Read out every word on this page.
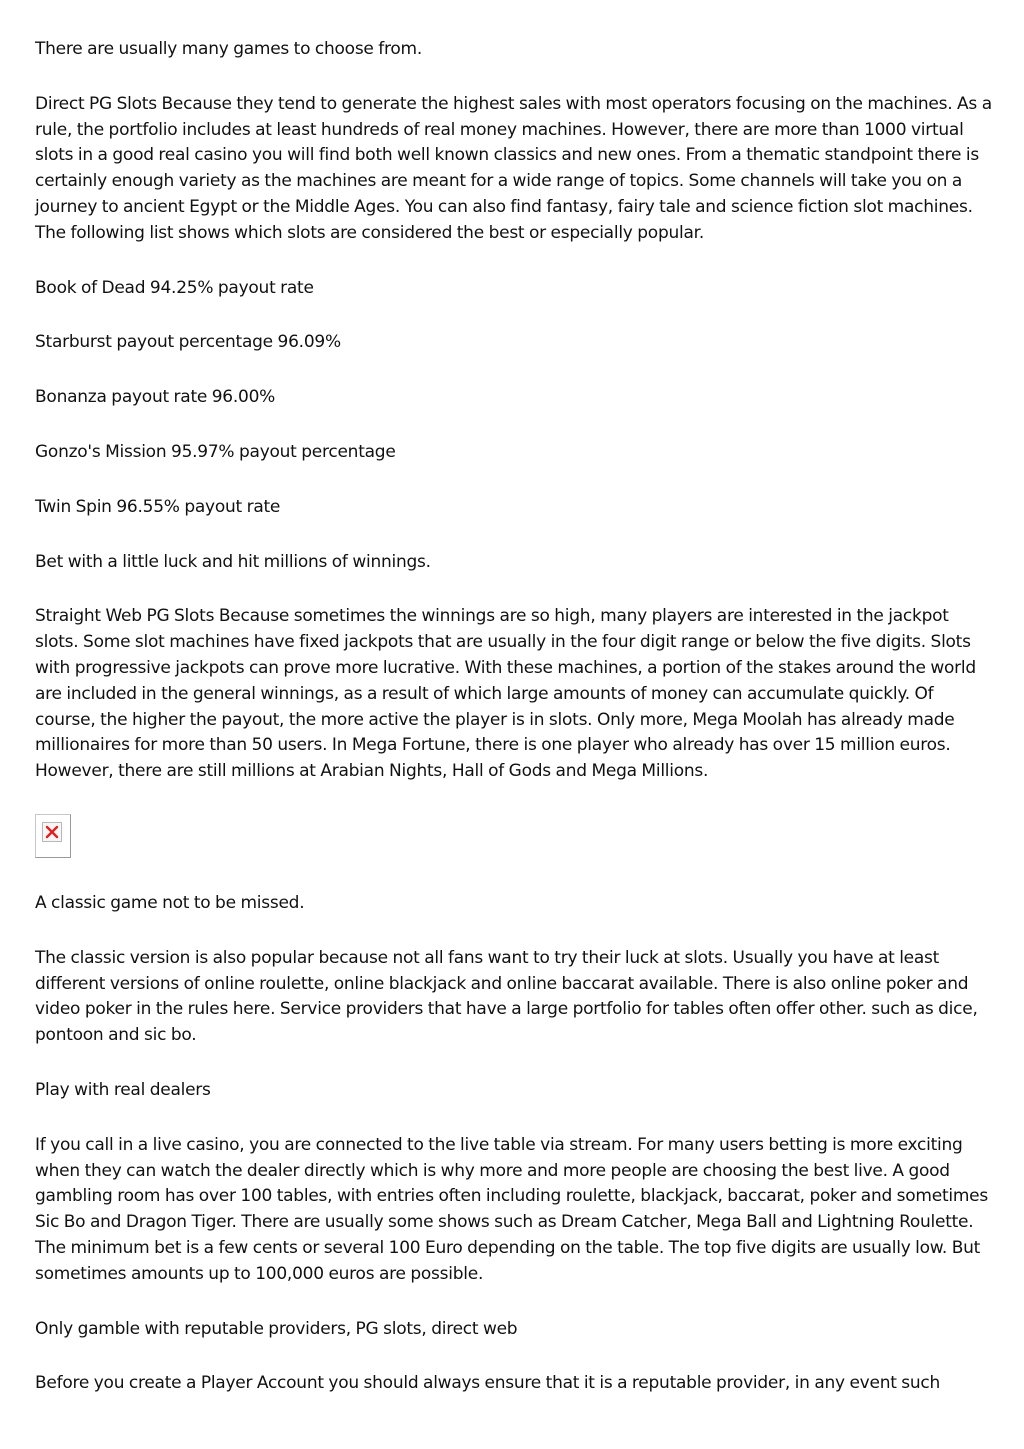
There are usually many games to choose from.

Direct PG Slots Because they tend to generate the highest sales with most operators focusing on the machines. As a rule, the portfolio includes at least hundreds of real money machines. However, there are more than 1000 virtual slots in a good real casino you will find both well known classics and new ones. From a thematic standpoint there is certainly enough variety as the machines are meant for a wide range of topics. Some channels will take you on a journey to ancient Egypt or the Middle Ages. You can also find fantasy, fairy tale and science fiction slot machines. The following list shows which slots are considered the best or especially popular.

Book of Dead 94.25% payout rate

Starburst payout percentage 96.09%

Bonanza payout rate 96.00%

Gonzo's Mission 95.97% payout percentage

Twin Spin 96.55% payout rate

Bet with a little luck and hit millions of winnings.

Straight Web PG Slots Because sometimes the winnings are so high, many players are interested in the jackpot slots. Some slot machines have fixed jackpots that are usually in the four digit range or below the five digits. Slots with progressive jackpots can prove more lucrative. With these machines, a portion of the stakes around the world are included in the general winnings, as a result of which large amounts of money can accumulate quickly. Of course, the higher the payout, the more active the player is in slots. Only more, Mega Moolah has already made millionaires for more than 50 users. In Mega Fortune, there is one player who already has over 15 million euros. However, there are still millions at Arabian Nights, Hall of Gods and Mega Millions.

A classic game not to be missed.

The classic version is also popular because not all fans want to try their luck at slots. Usually you have at least different versions of online roulette, online blackjack and online baccarat available. There is also online poker and video poker in the rules here. Service providers that have a large portfolio for tables often offer other. such as dice, pontoon and sic bo.

Play with real dealers

If you call in a live casino, you are connected to the live table via stream. For many users betting is more exciting when they can watch the dealer directly which is why more and more people are choosing the best live. A good gambling room has over 100 tables, with entries often including roulette, blackjack, baccarat, poker and sometimes Sic Bo and Dragon Tiger. There are usually some shows such as Dream Catcher, Mega Ball and Lightning Roulette. The minimum bet is a few cents or several 100 Euro depending on the table. The top five digits are usually low. But sometimes amounts up to 100,000 euros are possible.

Only gamble with reputable providers, PG slots, direct web

Before you create a Player Account you should always ensure that it is a reputable provider, in any event such
